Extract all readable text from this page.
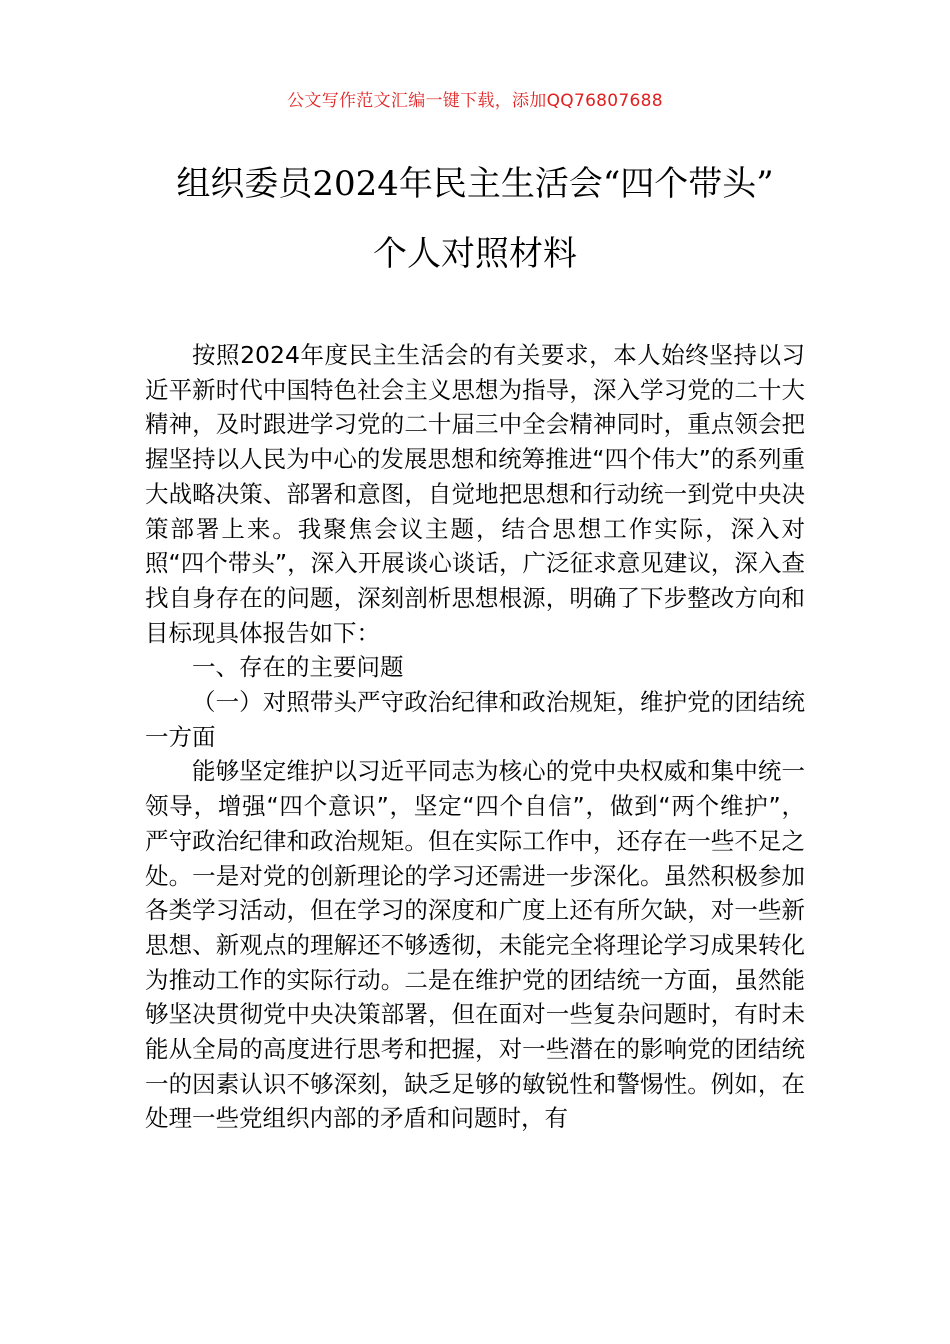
公文写作范文汇编一键下载，添加QQ76807688
组织委员2024年民主生活会“四个带头”
个人对照材料

按照2024年度民主生活会的有关要求，本人始终坚持以习近平新时代中国特色社会主义思想为指导，深入学习党的二十大精神，及时跟进学习党的二十届三中全会精神同时，重点领会把握坚持以人民为中心的发展思想和统筹推进“四个伟大”的系列重大战略决策、部署和意图，自觉地把思想和行动统一到党中央决策部署上来。我聚焦会议主题，结合思想工作实际，深入对照“四个带头”，深入开展谈心谈话，广泛征求意见建议，深入查找自身存在的问题，深刻剖析思想根源，明确了下步整改方向和目标现具体报告如下：

一、存在的主要问题

（一）对照带头严守政治纪律和政治规矩，维护党的团结统一方面

能够坚定维护以习近平同志为核心的党中央权威和集中统一领导，增强“四个意识”，坚定“四个自信”，做到“两个维护”，严守政治纪律和政治规矩。但在实际工作中，还存在一些不足之处。一是对党的创新理论的学习还需进一步深化。虽然积极参加各类学习活动，但在学习的深度和广度上还有所欠缺，对一些新思想、新观点的理解还不够透彻，未能完全将理论学习成果转化为推动工作的实际行动。二是在维护党的团结统一方面，虽然能够坚决贯彻党中央决策部署，但在面对一些复杂问题时，有时未能从全局的高度进行思考和把握，对一些潜在的影响党的团结统一的因素认识不够深刻，缺乏足够的敏锐性和警惕性。例如，在处理一些党组织内部的矛盾和问题时，有
